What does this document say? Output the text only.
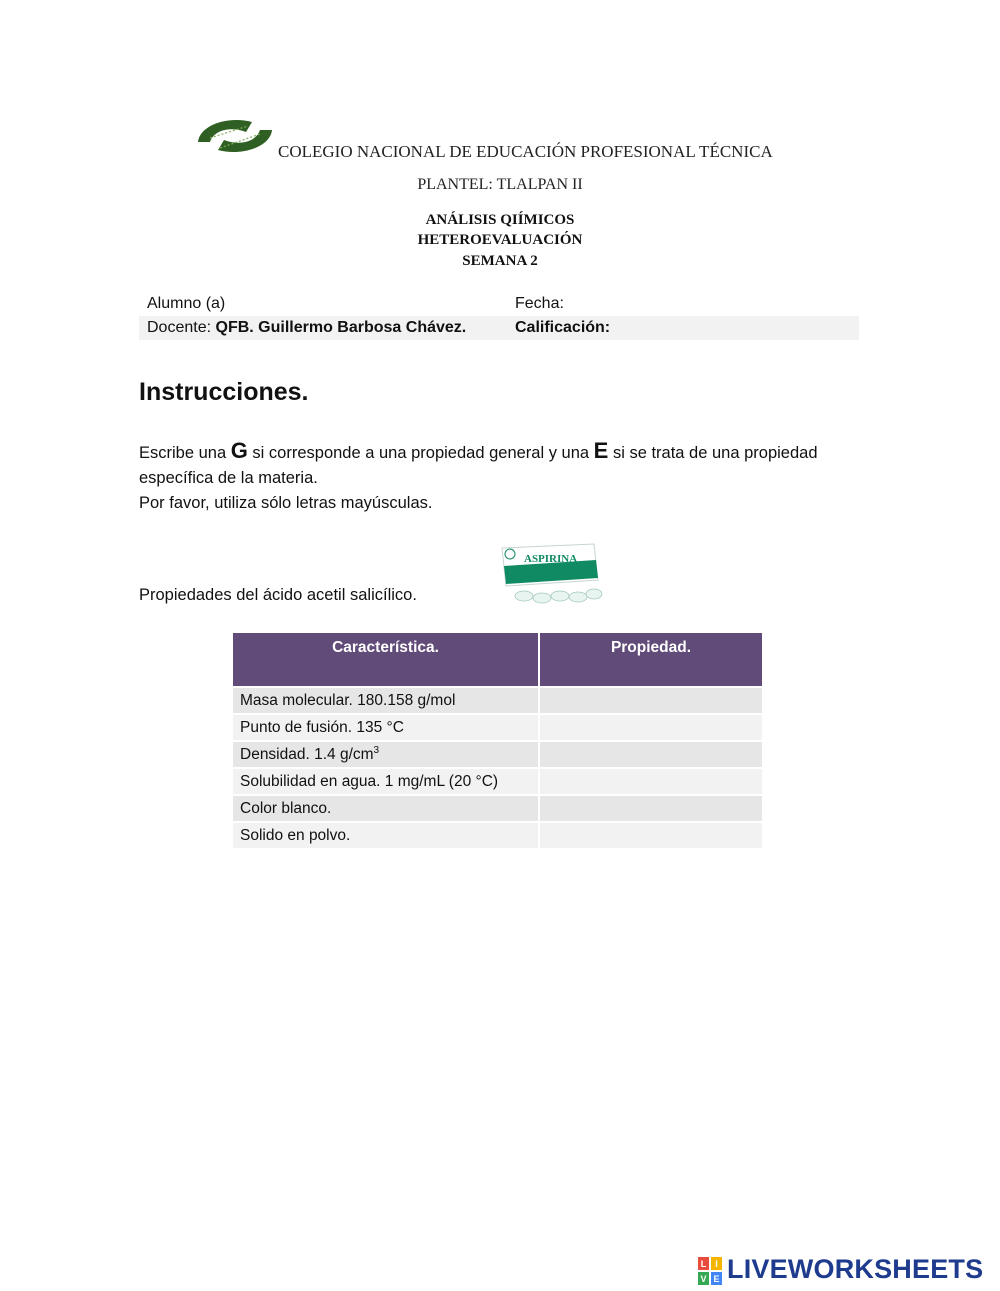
COLEGIO NACIONAL DE EDUCACIÓN PROFESIONAL TÉCNICA
PLANTEL: TLALPAN II
ANÁLISIS QIÍMICOS
HETEROEVALUACIÓN
SEMANA 2
Alumno (a)	Fecha:
Docente: QFB. Guillermo Barbosa Chávez.	Calificación:
Instrucciones.
Escribe una G si corresponde a una propiedad general y una E si se trata de una propiedad específica de la materia.
Por favor, utiliza sólo letras mayúsculas.
Propiedades del ácido acetil salicílico.
ASPIRINA
Característica.	Propiedad.
Masa molecular. 180.158 g/mol	
Punto de fusión. 135 °C	
Densidad. 1.4 $g/cm^3$	
Solubilidad en agua. 1 mg/mL (20 °C)	
Color blanco.	
Solido en polvo.	
L I
V E LIVEWORKSHEETS
